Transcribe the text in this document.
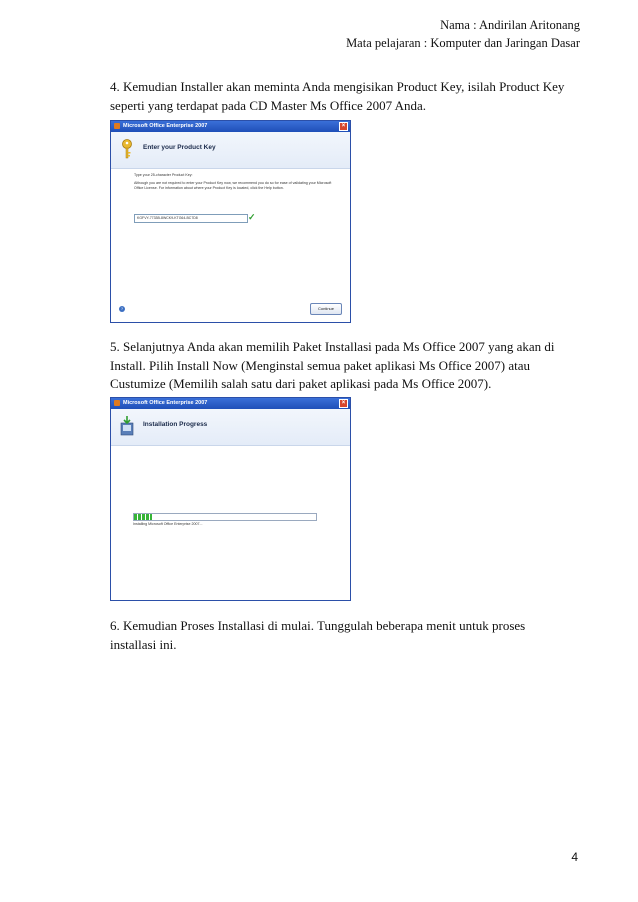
Nama : Andirilan Aritonang
Mata pelajaran : Komputer dan Jaringan Dasar

4. Kemudian Installer akan meminta Anda mengisikan Product Key, isilah Product Key seperti yang terdapat pada CD Master Ms Office 2007 Anda.

Microsoft Office Enterprise 2007	×
Enter your Product Key
Type your 25-character Product Key:
Although you are not required to enter your Product Key now, we recommend you do so for ease of validating your Microsoft Office License. For information about where your Product Key is located, click the Help button.
KGFVY-7733B-8WCK9-KTG64-BC7D8	✓
?	Continue

5. Selanjutnya Anda akan memilih Paket Installasi pada Ms Office 2007 yang akan di Install. Pilih Install Now (Menginstal semua paket aplikasi Ms Office 2007) atau Custumize (Memilih salah satu dari paket aplikasi pada Ms Office 2007).

Microsoft Office Enterprise 2007	×
Installation Progress
Installing Microsoft Office Enterprise 2007...

6. Kemudian Proses Installasi di mulai. Tunggulah beberapa menit untuk proses installasi ini.

4
